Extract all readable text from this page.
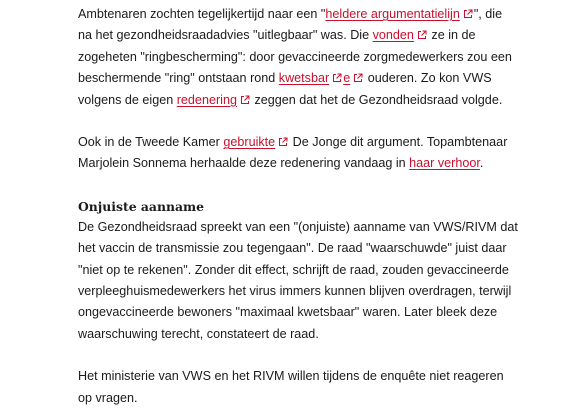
Ambtenaren zochten tegelijkertijd naar een "heldere argumentatielijn ", die na het gezondheidsraadadvies "uitlegbaar" was. Die vonden
ze in de zogeheten "ringbescherming": door gevaccineerde zorgmedewerkers zou een beschermende "ring" ontstaan rond kwetsbar e
ouderen. Zo kon VWS volgens de eigen redenering
zeggen dat het de Gezondheidsraad volgde.

Ook in de Tweede Kamer gebruikte
De Jonge dit argument. Topambtenaar Marjolein Sonnema herhaalde deze redenering vandaag in haar verhoor.

Onjuiste aanname

De Gezondheidsraad spreekt van een "(onjuiste) aanname van VWS/RIVM dat het vaccin de transmissie zou tegengaan". De raad "waarschuwde" juist daar "niet op te rekenen". Zonder dit effect, schrijft de raad, zouden gevaccineerde verpleeghuismedewerkers het virus immers kunnen blijven overdragen, terwijl ongevaccineerde bewoners "maximaal kwetsbaar" waren. Later bleek deze waarschuwing terecht, constateert de raad.

Het ministerie van VWS en het RIVM willen tijdens de enquête niet reageren op vragen.
